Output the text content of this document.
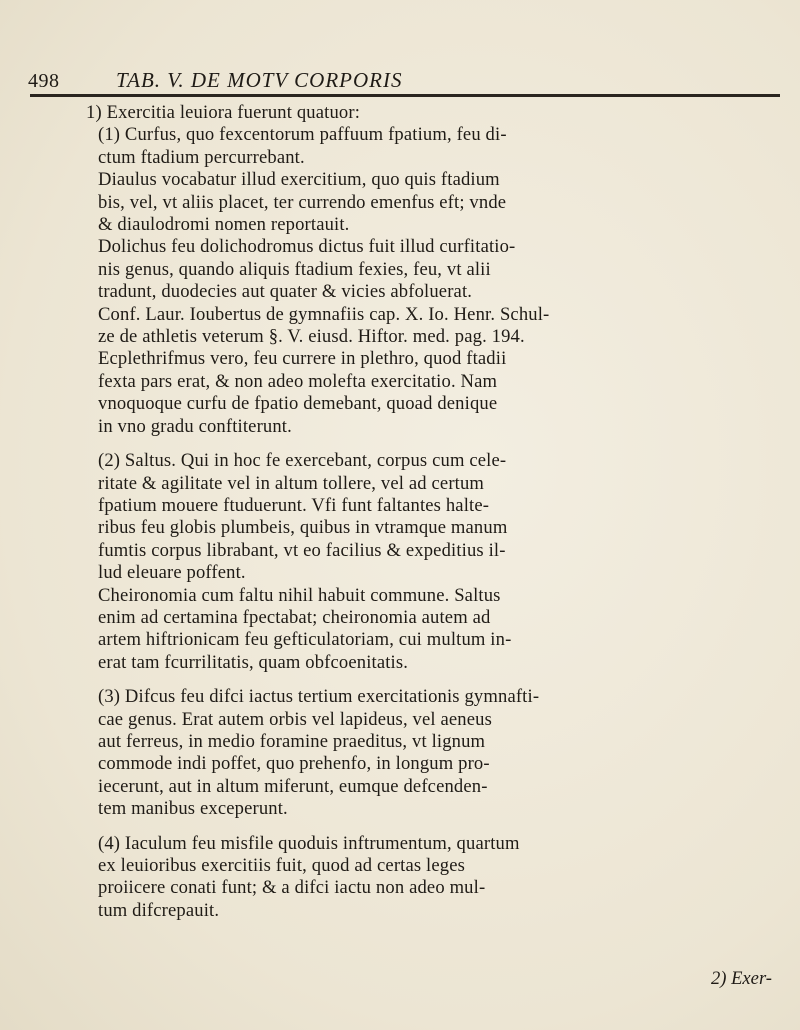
498	TAB. V. DE MOTV CORPORIS
1) Exercitia leuiora fuerunt quatuor:
(1) Curfus, quo fexcentorum paffuum fpatium, feu di-
ctum ftadium percurrebant.
Diaulus vocabatur illud exercitium, quo quis ftadium
bis, vel, vt aliis placet, ter currendo emenfus eft; vnde
& diaulodromi nomen reportauit.
Dolichus feu dolichodromus dictus fuit illud curfitatio-
nis genus, quando aliquis ftadium fexies, feu, vt alii
tradunt, duodecies aut quater & vicies abfoluerat.
Conf. Laur. Ioubertus de gymnafiis cap. X. Io. Henr. Schul-
ze de athletis veterum §. V. eiusd. Hiftor. med. pag. 194.
Ecplethrifmus vero, feu currere in plethro, quod ftadii
fexta pars erat, & non adeo molefta exercitatio. Nam
vnoquoque curfu de fpatio demebant, quoad denique
in vno gradu conftiterunt.
(2) Saltus. Qui in hoc fe exercebant, corpus cum cele-
ritate & agilitate vel in altum tollere, vel ad certum
fpatium mouere ftuduerunt. Vfi funt faltantes halte-
ribus feu globis plumbeis, quibus in vtramque manum
fumtis corpus librabant, vt eo facilius & expeditius il-
lud eleuare poffent.
Cheironomia cum faltu nihil habuit commune. Saltus
enim ad certamina fpectabat; cheironomia autem ad
artem hiftrionicam feu gefticulatoriam, cui multum in-
erat tam fcurrilitatis, quam obfcoenitatis.
(3) Difcus feu difci iactus tertium exercitationis gymnafti-
cae genus. Erat autem orbis vel lapideus, vel aeneus
aut ferreus, in medio foramine praeditus, vt lignum
commode indi poffet, quo prehenfo, in longum pro-
iecerunt, aut in altum miferunt, eumque defcenden-
tem manibus exceperunt.
(4) Iaculum feu misfile quoduis inftrumentum, quartum
ex leuioribus exercitiis fuit, quod ad certas leges
proiicere conati funt; & a difci iactu non adeo mul-
tum difcrepauit.
2) Exer-
